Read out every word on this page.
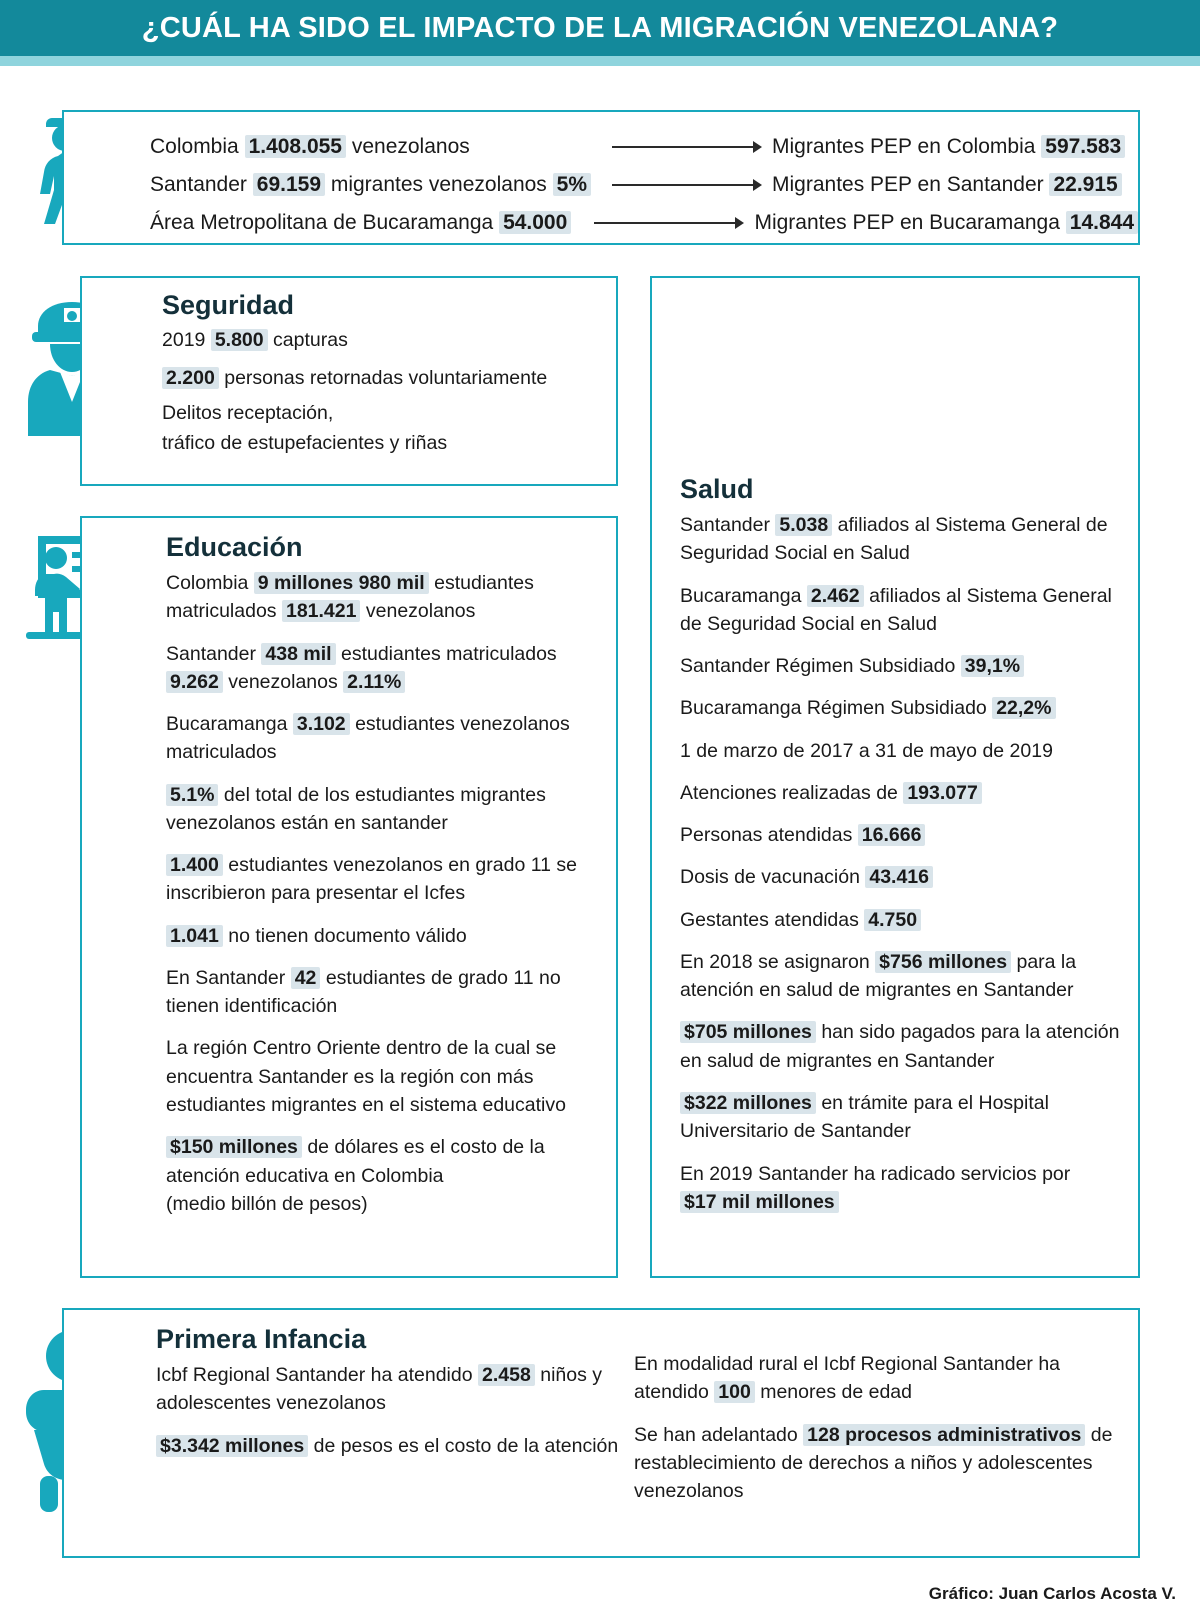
¿CUÁL HA SIDO EL IMPACTO DE LA MIGRACIÓN VENEZOLANA?
Colombia 1.408.055 venezolanos	Migrantes PEP en Colombia 597.583
Santander 69.159 migrantes venezolanos 5%	Migrantes PEP en Santander 22.915
Área Metropolitana de Bucaramanga 54.000	Migrantes PEP en Bucaramanga 14.844
Seguridad

2019 5.800 capturas

2.200 personas retornadas voluntariamente

Delitos receptación,

tráfico de estupefacientes y riñas

Educación

Colombia 9 millones 980 mil estudiantes matriculados 181.421 venezolanos

Santander 438 mil estudiantes matriculados 9.262 venezolanos 2.11%

Bucaramanga 3.102 estudiantes venezolanos matriculados

5.1% del total de los estudiantes migrantes venezolanos están en santander

1.400 estudiantes venezolanos en grado 11 se inscribieron para presentar el Icfes

1.041 no tienen documento válido

En Santander 42 estudiantes de grado 11 no tienen identificación

La región Centro Oriente dentro de la cual se encuentra Santander es la región con más estudiantes migrantes en el sistema educativo

$150 millones de dólares es el costo de la atención educativa en Colombia
(medio billón de pesos)

Salud

Santander 5.038 afiliados al Sistema General de Seguridad Social en Salud

Bucaramanga 2.462 afiliados al Sistema General de Seguridad Social en Salud

Santander Régimen Subsidiado 39,1%

Bucaramanga Régimen Subsidiado 22,2%

1 de marzo de 2017 a 31 de mayo de 2019

Atenciones realizadas de 193.077

Personas atendidas 16.666

Dosis de vacunación 43.416

Gestantes atendidas 4.750

En 2018 se asignaron $756 millones para la atención en salud de migrantes en Santander

$705 millones han sido pagados para la atención en salud de migrantes en Santander

$322 millones en trámite para el Hospital Universitario de Santander

En 2019 Santander ha radicado servicios por
$17 mil millones

Primera Infancia

Icbf Regional Santander ha atendido 2.458 niños y adolescentes venezolanos

$3.342 millones de pesos es el costo de la atención

En modalidad rural el Icbf Regional Santander ha atendido 100 menores de edad

Se han adelantado 128 procesos administrativos de restablecimiento de derechos a niños y adolescentes venezolanos

Gráfico: Juan Carlos Acosta V.
